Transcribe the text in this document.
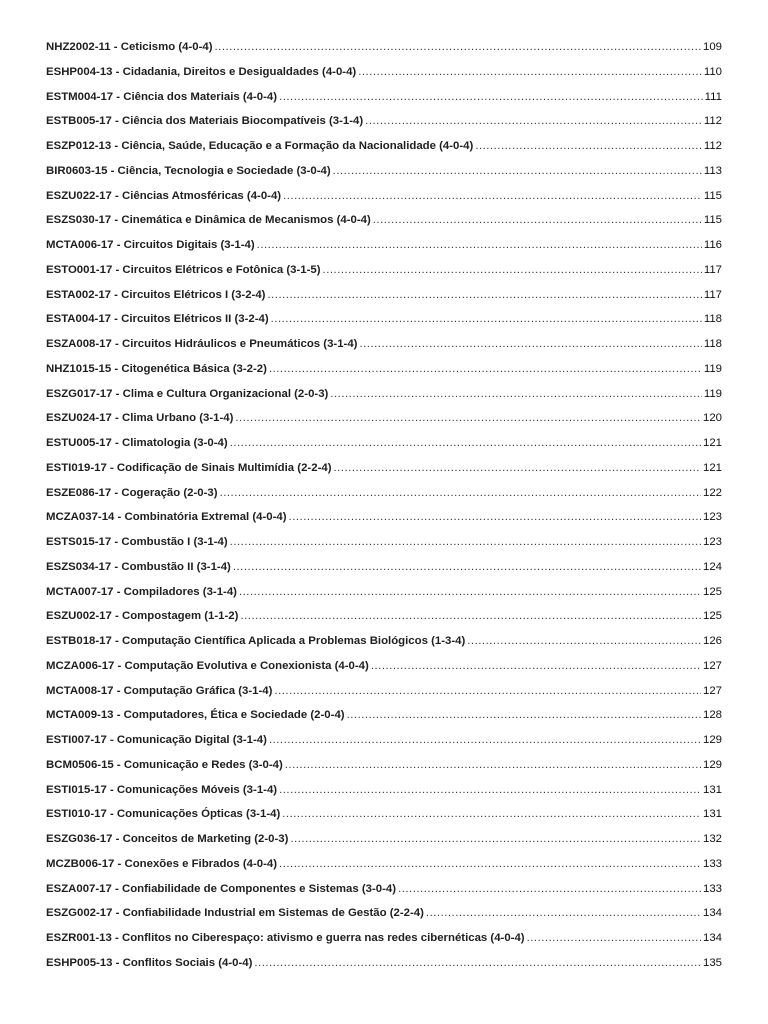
NHZ2002-11 - Ceticismo (4-0-4) .....	109
ESHP004-13 - Cidadania, Direitos e Desigualdades (4-0-4) .....	110
ESTM004-17 - Ciência dos Materiais (4-0-4) .....	111
ESTB005-17 - Ciência dos Materiais Biocompatíveis (3-1-4) .....	112
ESZP012-13 - Ciência, Saúde, Educação e a Formação da Nacionalidade (4-0-4) .....	112
BIR0603-15 - Ciência, Tecnologia e Sociedade (3-0-4) .....	113
ESZU022-17 - Ciências Atmosféricas (4-0-4) .....	115
ESZS030-17 - Cinemática e Dinâmica de Mecanismos (4-0-4) .....	115
MCTA006-17 - Circuitos Digitais (3-1-4) .....	116
ESTO001-17 - Circuitos Elétricos e Fotônica (3-1-5) .....	117
ESTA002-17 - Circuitos Elétricos I (3-2-4) .....	117
ESTA004-17 - Circuitos Elétricos II (3-2-4) .....	118
ESZA008-17 - Circuitos Hidráulicos e Pneumáticos (3-1-4) .....	118
NHZ1015-15 - Citogenética Básica (3-2-2) .....	119
ESZG017-17 - Clima e Cultura Organizacional (2-0-3) .....	119
ESZU024-17 - Clima Urbano (3-1-4) .....	120
ESTU005-17 - Climatologia (3-0-4) .....	121
ESTI019-17 - Codificação de Sinais Multimídia (2-2-4) .....	121
ESZE086-17 - Cogeração (2-0-3) .....	122
MCZA037-14 - Combinatória Extremal (4-0-4) .....	123
ESTS015-17 - Combustão I (3-1-4) .....	123
ESZS034-17 - Combustão II (3-1-4) .....	124
MCTA007-17 - Compiladores (3-1-4) .....	125
ESZU002-17 - Compostagem (1-1-2) .....	125
ESTB018-17 - Computação Científica Aplicada a Problemas Biológicos (1-3-4) .....	126
MCZA006-17 - Computação Evolutiva e Conexionista (4-0-4) .....	127
MCTA008-17 - Computação Gráfica (3-1-4) .....	127
MCTA009-13 - Computadores, Ética e Sociedade (2-0-4) .....	128
ESTI007-17 - Comunicação Digital (3-1-4) .....	129
BCM0506-15 - Comunicação e Redes (3-0-4) .....	129
ESTI015-17 - Comunicações Móveis (3-1-4) .....	131
ESTI010-17 - Comunicações Ópticas (3-1-4) .....	131
ESZG036-17 - Conceitos de Marketing (2-0-3) .....	132
MCZB006-17 - Conexões e Fibrados (4-0-4) .....	133
ESZA007-17 - Confiabilidade de Componentes e Sistemas (3-0-4) .....	133
ESZG002-17 - Confiabilidade Industrial em Sistemas de Gestão (2-2-4) .....	134
ESZR001-13 - Conflitos no Ciberespaço: ativismo e guerra nas redes cibernéticas (4-0-4) .....	134
ESHP005-13 - Conflitos Sociais (4-0-4) .....	135
